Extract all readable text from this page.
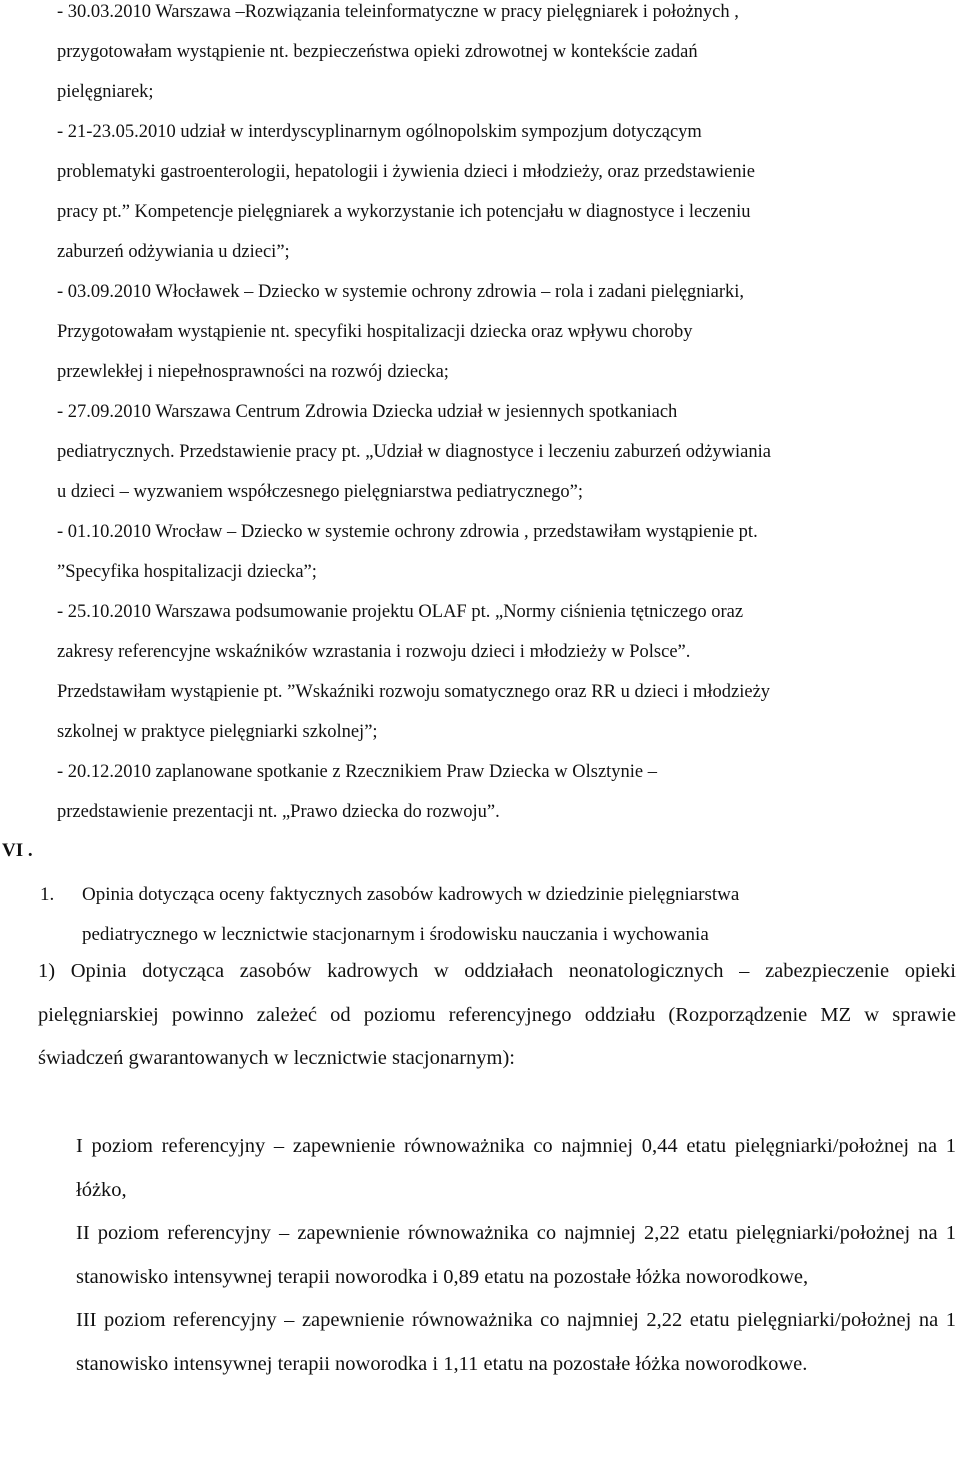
- 30.03.2010 Warszawa –Rozwiązania teleinformatyczne w pracy pielęgniarek i położnych ,
przygotowałam wystąpienie nt. bezpieczeństwa opieki zdrowotnej w kontekście zadań
pielęgniarek;
- 21-23.05.2010 udział w interdyscyplinarnym ogólnopolskim sympozjum dotyczącym
problematyki gastroenterologii, hepatologii i żywienia dzieci i młodzieży, oraz przedstawienie
pracy pt.” Kompetencje pielęgniarek a wykorzystanie ich potencjału w diagnostyce i leczeniu
zaburzeń odżywiania u dzieci”;
- 03.09.2010 Włocławek – Dziecko w systemie ochrony zdrowia – rola i zadani pielęgniarki,
Przygotowałam wystąpienie nt. specyfiki hospitalizacji dziecka oraz wpływu choroby
przewlekłej i niepełnosprawności na rozwój dziecka;
- 27.09.2010 Warszawa Centrum Zdrowia Dziecka udział w jesiennych spotkaniach
pediatrycznych. Przedstawienie pracy pt. „Udział w diagnostyce i leczeniu zaburzeń odżywiania
u dzieci – wyzwaniem współczesnego pielęgniarstwa pediatrycznego”;
- 01.10.2010 Wrocław – Dziecko w systemie ochrony zdrowia , przedstawiłam wystąpienie pt.
”Specyfika hospitalizacji dziecka”;
- 25.10.2010 Warszawa podsumowanie projektu OLAF pt. „Normy ciśnienia tętniczego oraz
zakresy referencyjne wskaźników wzrastania i rozwoju dzieci i młodzieży w Polsce”.
Przedstawiłam wystąpienie pt. ”Wskaźniki rozwoju somatycznego oraz RR u dzieci i młodzieży
szkolnej w praktyce pielęgniarki szkolnej”;
- 20.12.2010 zaplanowane spotkanie z Rzecznikiem Praw Dziecka w Olsztynie –
przedstawienie prezentacji nt. „Prawo dziecka do rozwoju”.
VI .
1. Opinia dotycząca oceny faktycznych zasobów kadrowych w dziedzinie pielęgniarstwa
pediatrycznego w lecznictwie stacjonarnym i środowisku nauczania i wychowania

1) Opinia dotycząca zasobów kadrowych w oddziałach neonatologicznych – zabezpieczenie opieki pielęgniarskiej powinno zależeć od poziomu referencyjnego oddziału (Rozporządzenie MZ w sprawie świadczeń gwarantowanych w lecznictwie stacjonarnym):

I poziom referencyjny – zapewnienie równoważnika co najmniej 0,44 etatu pielęgniarki/położnej na 1 łóżko,

II poziom referencyjny – zapewnienie równoważnika co najmniej 2,22 etatu pielęgniarki/położnej na 1 stanowisko intensywnej terapii noworodka i 0,89 etatu na pozostałe łóżka noworodkowe,

III poziom referencyjny – zapewnienie równoważnika co najmniej 2,22 etatu pielęgniarki/położnej na 1 stanowisko intensywnej terapii noworodka i 1,11 etatu na pozostałe łóżka noworodkowe.
